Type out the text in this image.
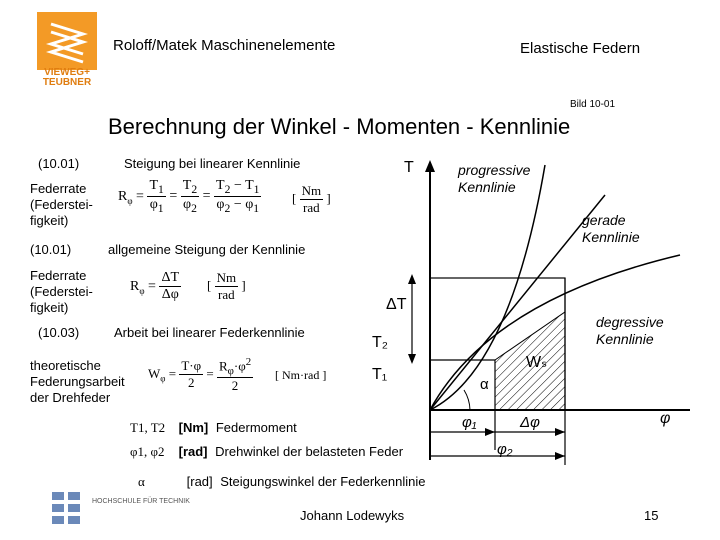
VIEWEG+
TEUBNER
Roloff/Matek Maschinenelemente	Elastische Federn
Bild 10-01
Berechnung der Winkel - Momenten - Kennlinie
(10.01)	Steigung bei linearer Kennlinie
Federrate
(Federstei-
figkeit)
$R_\varphi = \frac{T_1}{\varphi_1} = \frac{T_2}{\varphi_2} = \frac{T_2 - T_1}{\varphi_2 - \varphi_1}$ [ $\frac{Nm}{\text{rad}}$ ]
(10.01)	allgemeine Steigung der Kennlinie
Federrate
(Federstei-
figkeit)
$R_\varphi = \frac{\Delta T}{\Delta\varphi}$ [ $\frac{Nm}{\text{rad}}$ ]
(10.03)	Arbeit bei linearer Federkennlinie
theoretische
Federungsarbeit
der Drehfeder
$W_\varphi = \frac{T\cdot\varphi}{2} = \frac{R_\varphi\cdot\varphi^2}{2}$ [ Nm·rad ]
T1, T2 [Nm] Federmoment
φ1, φ2 [rad] Drehwinkel der belasteten Feder
α	[rad] Steigungswinkel der Federkennlinie
T
φ
progressive
Kennlinie
gerade
Kennlinie
degressive
Kennlinie
ΔT
T₂
T₁
Wₛ
α
φ₁	Δφ
φ₂
HOCHSCHULE FÜR TECHNIK
Johann Lodewyks	15
